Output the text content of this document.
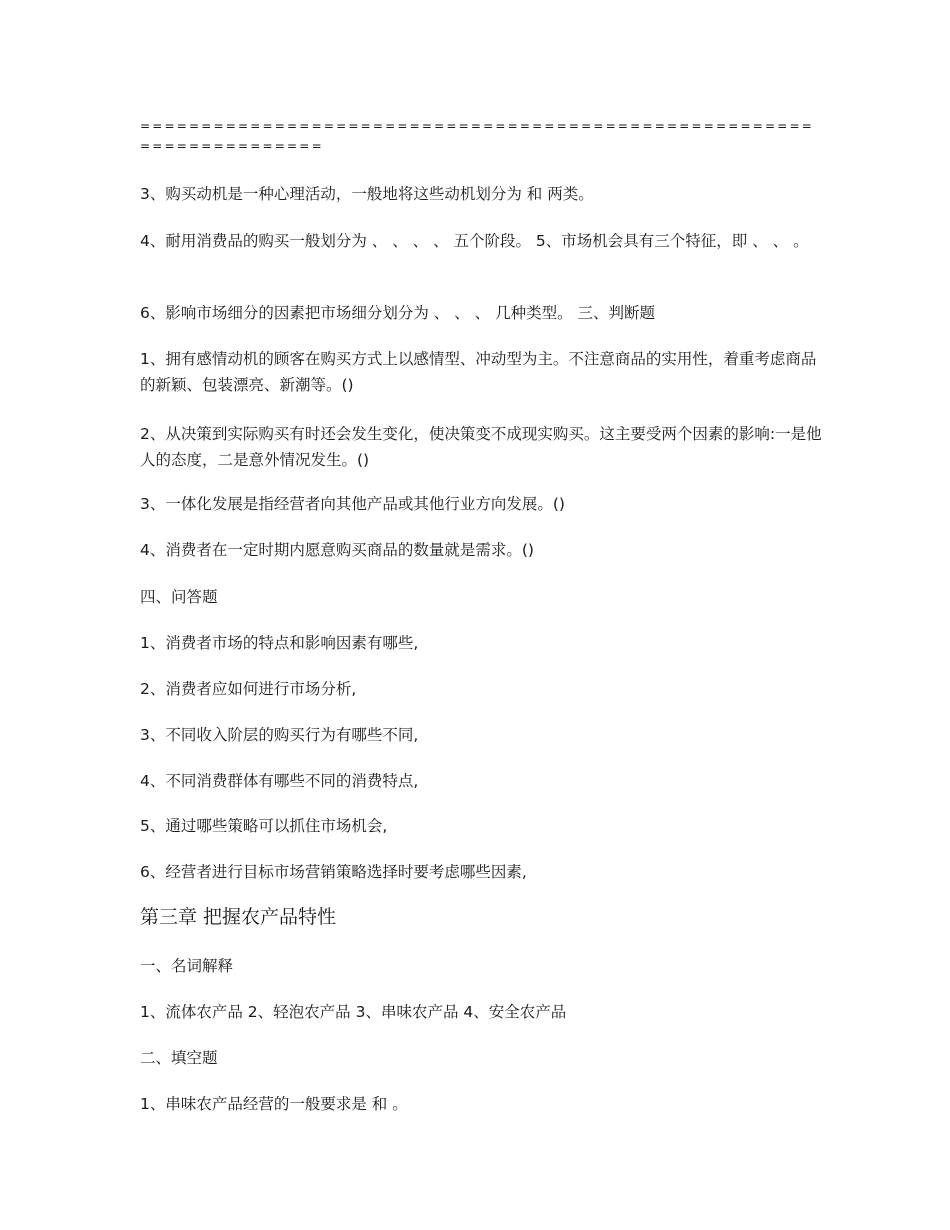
======================================================================

3、购买动机是一种心理活动，一般地将这些动机划分为 和 两类。

4、耐用消费品的购买一般划分为 、 、 、 、 五个阶段。 5、市场机会具有三个特征，即 、 、 。

6、影响市场细分的因素把市场细分划分为 、 、 、 几种类型。 三、判断题

1、拥有感情动机的顾客在购买方式上以感情型、冲动型为主。不注意商品的实用性，着重考虑商品的新颖、包装漂亮、新潮等。()

2、从决策到实际购买有时还会发生变化，使决策变不成现实购买。这主要受两个因素的影响:一是他人的态度，二是意外情况发生。()

3、一体化发展是指经营者向其他产品或其他行业方向发展。()

4、消费者在一定时期内愿意购买商品的数量就是需求。()

四、问答题

1、消费者市场的特点和影响因素有哪些,

2、消费者应如何进行市场分析,

3、不同收入阶层的购买行为有哪些不同,

4、不同消费群体有哪些不同的消费特点,

5、通过哪些策略可以抓住市场机会,

6、经营者进行目标市场营销策略选择时要考虑哪些因素,

第三章 把握农产品特性

一、名词解释

1、流体农产品 2、轻泡农产品 3、串味农产品 4、安全农产品

二、填空题

1、串味农产品经营的一般要求是 和 。
